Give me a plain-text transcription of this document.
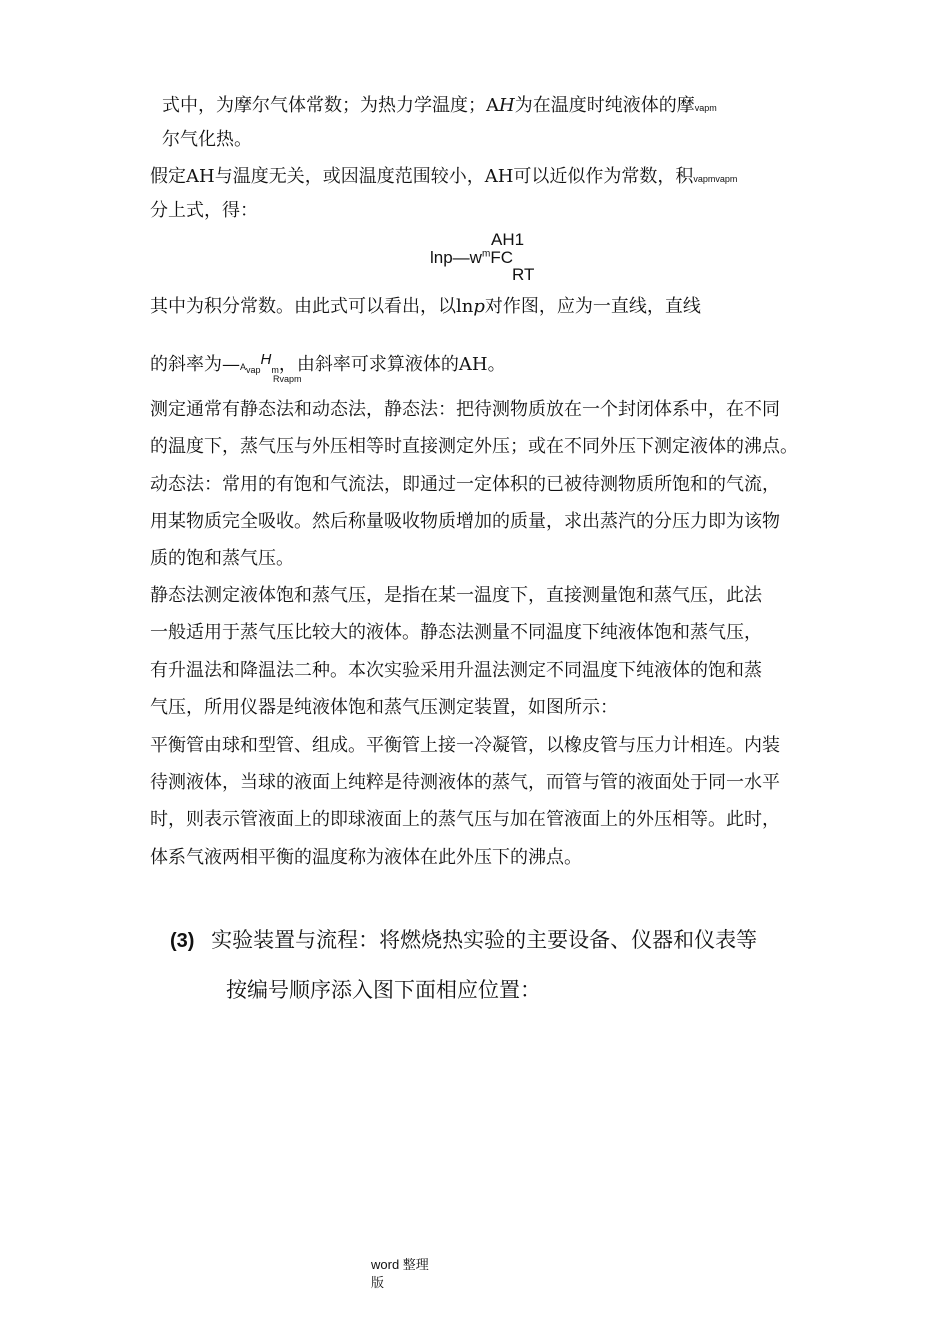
式中，为摩尔气体常数；为热力学温度；AH为在温度时纯液体的摩vapm
尔气化热。
假定AH与温度无关，或因温度范围较小，AH可以近似作为常数，积vapmvapm
分上式，得：
AH1
$\ln p—w^mFC$
RT
其中为积分常数。由此式可以看出，以lnp对作图，应为一直线，直线
的斜率为—Avap$^H$m，由斜率可求算液体的AH。
Rvapm
测定通常有静态法和动态法，静态法：把待测物质放在一个封闭体系中，在不同
的温度下，蒸气压与外压相等时直接测定外压；或在不同外压下测定液体的沸点。
动态法：常用的有饱和气流法，即通过一定体积的已被待测物质所饱和的气流，
用某物质完全吸收。然后称量吸收物质增加的质量，求出蒸汽的分压力即为该物
质的饱和蒸气压。
静态法测定液体饱和蒸气压，是指在某一温度下，直接测量饱和蒸气压，此法
一般适用于蒸气压比较大的液体。静态法测量不同温度下纯液体饱和蒸气压，
有升温法和降温法二种。本次实验采用升温法测定不同温度下纯液体的饱和蒸
气压，所用仪器是纯液体饱和蒸气压测定装置，如图所示：
平衡管由球和型管、组成。平衡管上接一冷凝管，以橡皮管与压力计相连。内装
待测液体，当球的液面上纯粹是待测液体的蒸气，而管与管的液面处于同一水平
时，则表示管液面上的即球液面上的蒸气压与加在管液面上的外压相等。此时，
体系气液两相平衡的温度称为液体在此外压下的沸点。
(3) 实验装置与流程：将燃烧热实验的主要设备、仪器和仪表等
按编号顺序添入图下面相应位置：
word 整理
版
